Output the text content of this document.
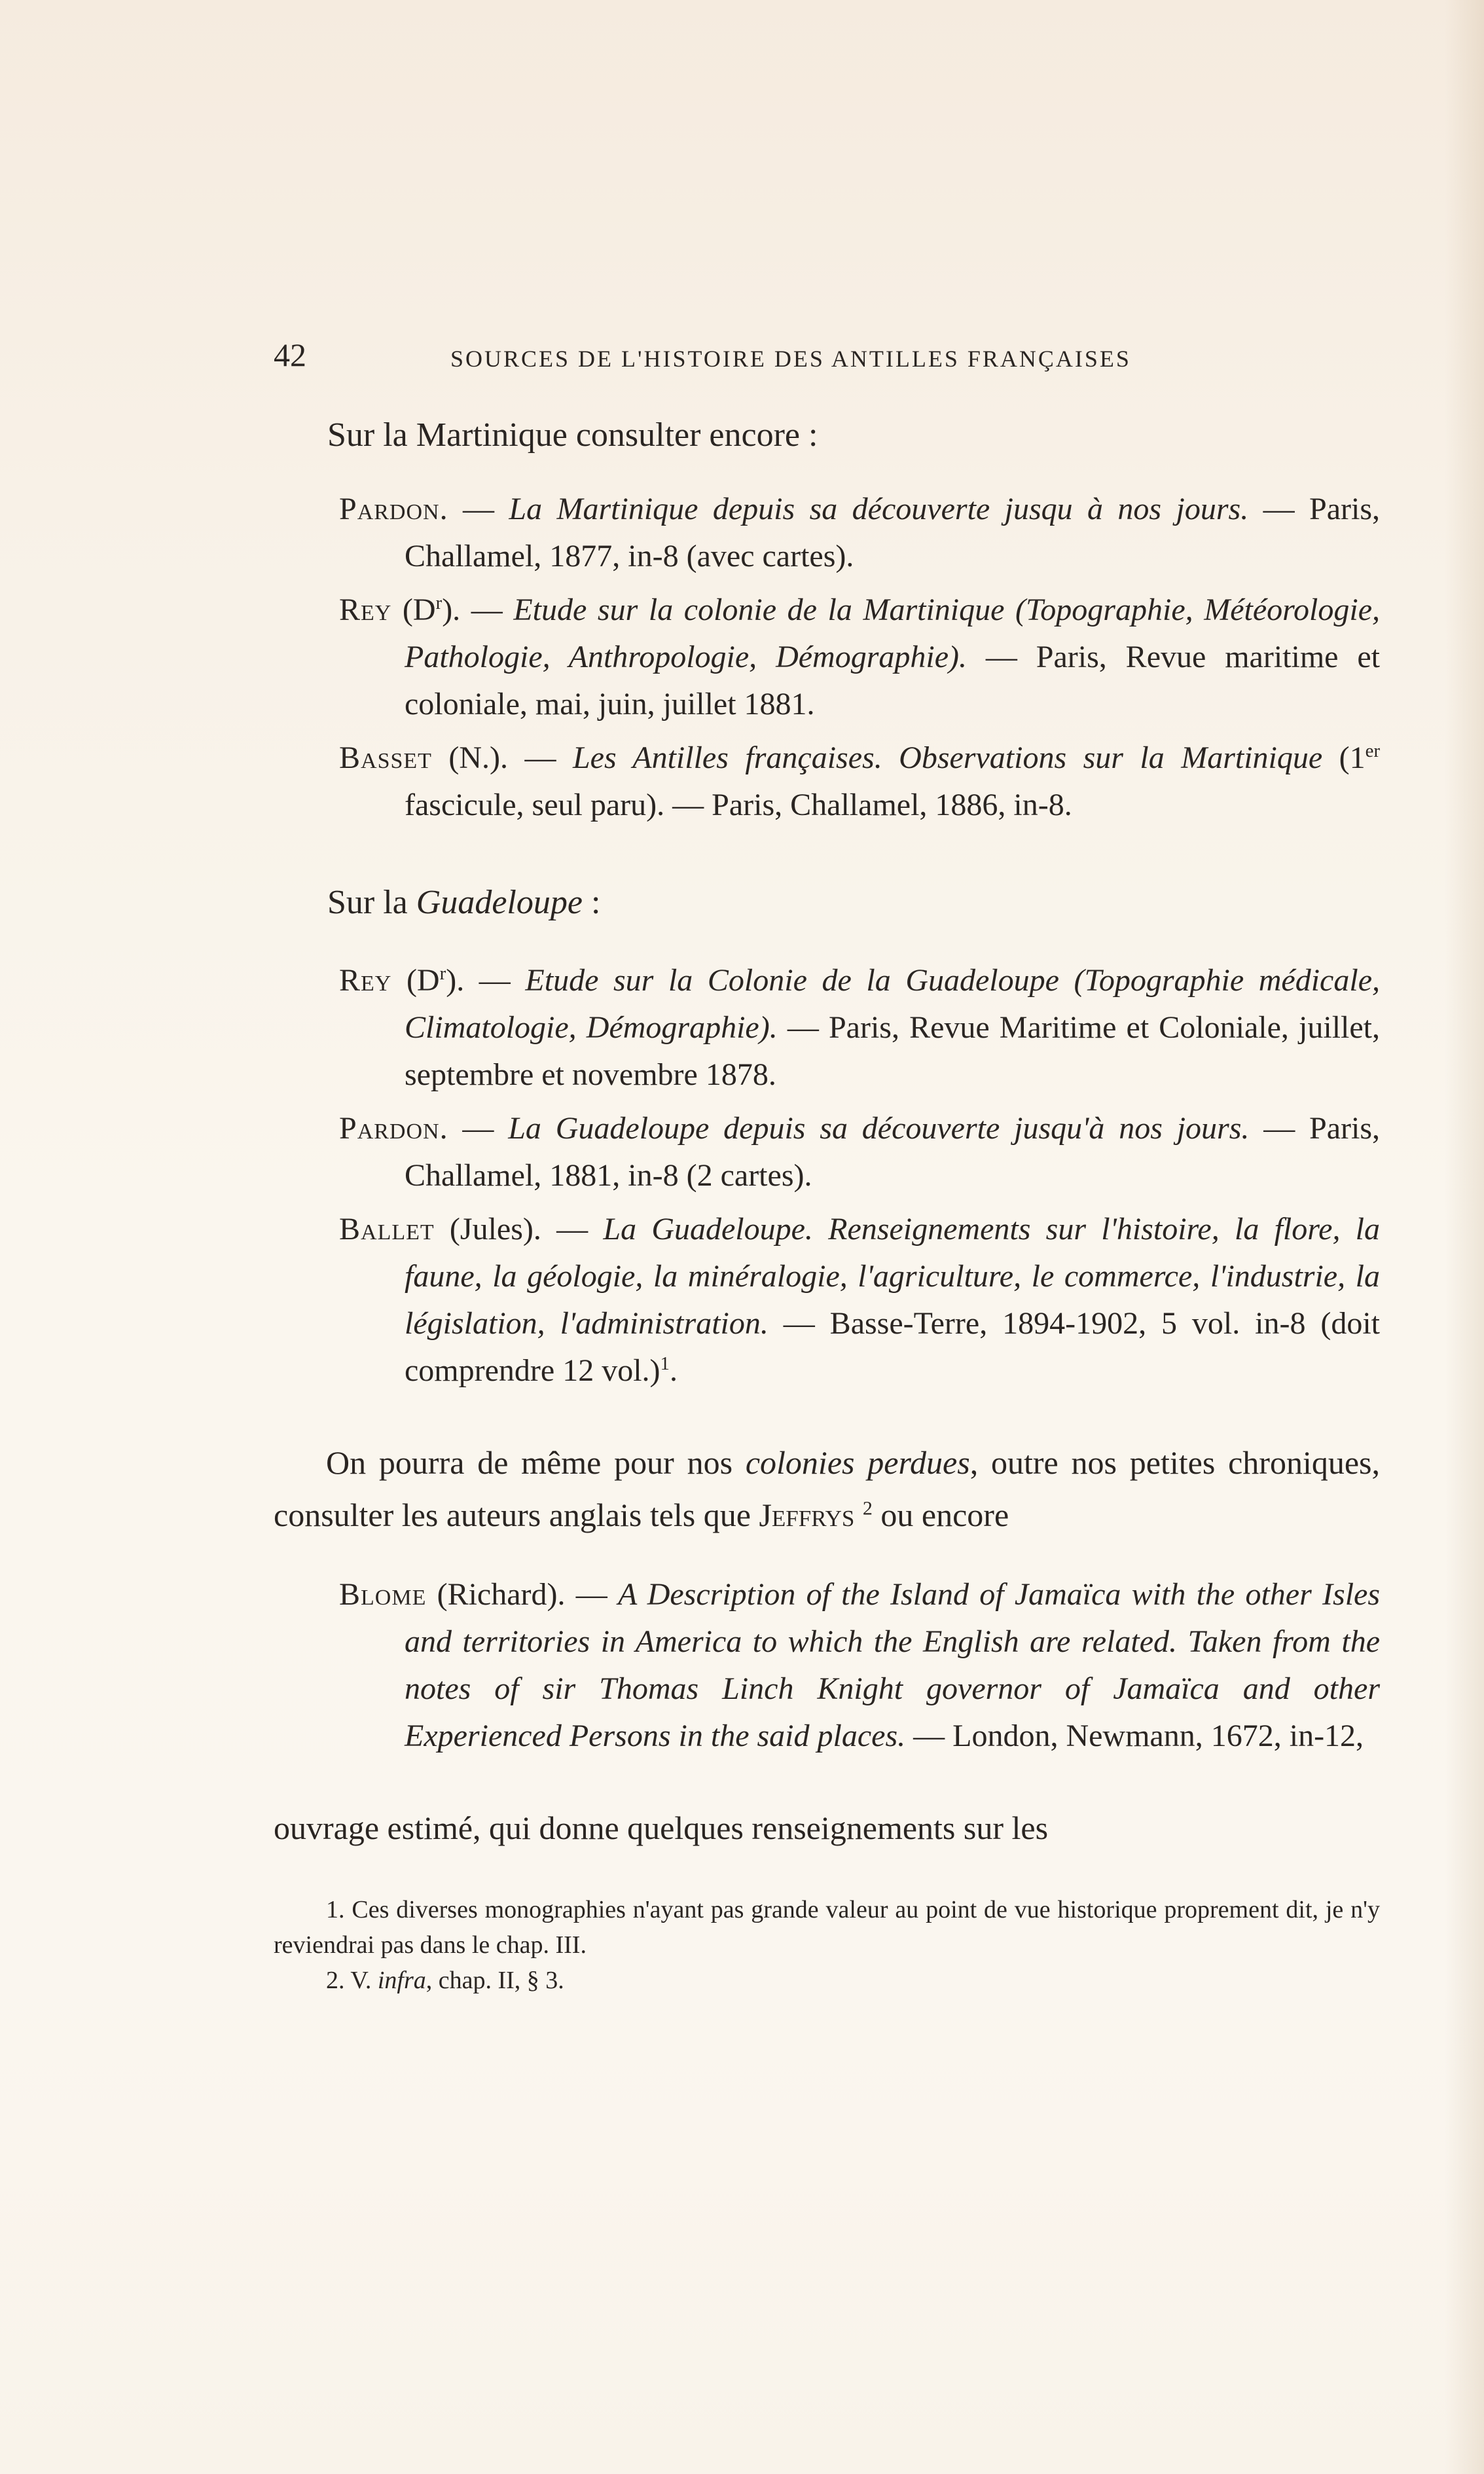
42	SOURCES DE L'HISTOIRE DES ANTILLES FRANÇAISES

Sur la Martinique consulter encore :

Pardon. — La Martinique depuis sa découverte jusqu à nos jours. — Paris, Challamel, 1877, in-8 (avec cartes).

Rey $(D^r)$. — Etude sur la colonie de la Martinique (Topographie, Météorologie, Pathologie, Anthropologie, Démographie). — Paris, Revue maritime et coloniale, mai, juin, juillet 1881.

Basset (N.). — Les Antilles françaises. Observations sur la Martinique (1er fascicule, seul paru). — Paris, Challamel, 1886, in-8.

Sur la Guadeloupe :

Rey $(D^r)$. — Etude sur la Colonie de la Guadeloupe (Topographie médicale, Climatologie, Démographie). — Paris, Revue Maritime et Coloniale, juillet, septembre et novembre 1878.

Pardon. — La Guadeloupe depuis sa découverte jusqu'à nos jours. — Paris, Challamel, 1881, in-8 (2 cartes).

Ballet (Jules). — La Guadeloupe. Renseignements sur l'histoire, la flore, la faune, la géologie, la minéralogie, l'agriculture, le commerce, l'industrie, la législation, l'administration. — Basse-Terre, 1894-1902, 5 vol. in-8 (doit comprendre 12 vol.)$^1$.

On pourra de même pour nos colonies perdues, outre nos petites chroniques, consulter les auteurs anglais tels que Jeffrys $^2$ ou encore

Blome (Richard). — A Description of the Island of Jamaïca with the other Isles and territories in America to which the English are related. Taken from the notes of sir Thomas Linch Knight governor of Jamaïca and other Experienced Persons in the said places. — London, Newmann, 1672, in-12,

ouvrage estimé, qui donne quelques renseignements sur les

1. Ces diverses monographies n'ayant pas grande valeur au point de vue historique proprement dit, je n'y reviendrai pas dans le chap. III.

2. V. infra, chap. II, § 3.
